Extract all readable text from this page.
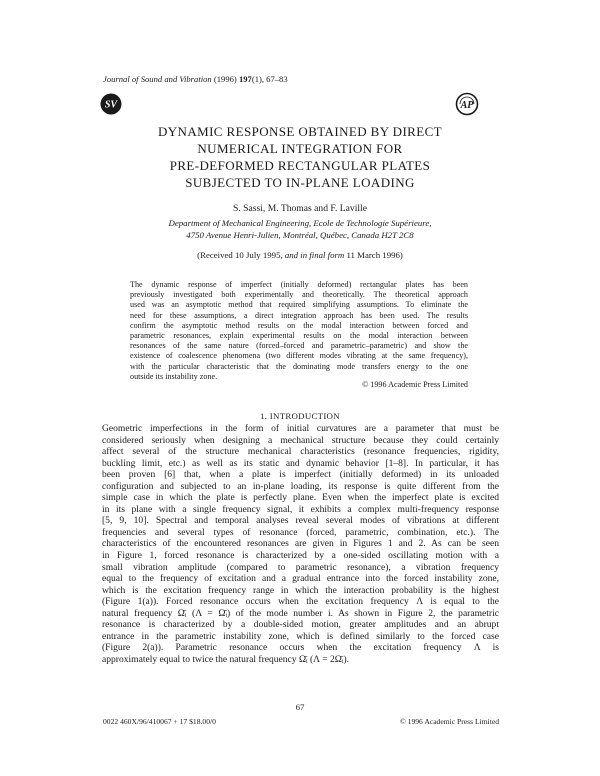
Journal of Sound and Vibration (1996) 197(1), 67–83
SV	AP
DYNAMIC RESPONSE OBTAINED BY DIRECT
NUMERICAL INTEGRATION FOR
PRE-DEFORMED RECTANGULAR PLATES
SUBJECTED TO IN-PLANE LOADING
S. Sassi, M. Thomas and F. Laville
Department of Mechanical Engineering, Ecole de Technologie Supérieure,
4750 Avenue Henri-Julien, Montréal, Québec, Canada H2T 2C8
(Received 10 July 1995, and in final form 11 March 1996)
The dynamic response of imperfect (initially deformed) rectangular plates has been
previously investigated both experimentally and theoretically. The theoretical approach
used was an asymptotic method that required simplifying assumptions. To eliminate the
need for these assumptions, a direct integration approach has been used. The results
confirm the asymptotic method results on the modal interaction between forced and
parametric resonances, explain experimental results on the modal interaction between
resonances of the same nature (forced–forced and parametric–parametric) and show the
existence of coalescence phenomena (two different modes vibrating at the same frequency),
with the particular characteristic that the dominating mode transfers energy to the one
outside its instability zone.
© 1996 Academic Press Limited
1. INTRODUCTION
Geometric imperfections in the form of initial curvatures are a parameter that must be
considered seriously when designing a mechanical structure because they could certainly
affect several of the structure mechanical characteristics (resonance frequencies, rigidity,
buckling limit, etc.) as well as its static and dynamic behavior [1–8]. In particular, it has
been proven [6] that, when a plate is imperfect (initially deformed) in its unloaded
configuration and subjected to an in-plane loading, its response is quite different from the
simple case in which the plate is perfectly plane. Even when the imperfect plate is excited
in its plane with a single frequency signal, it exhibits a complex multi-frequency response
[5, 9, 10]. Spectral and temporal analyses reveal several modes of vibrations at different
frequencies and several types of resonance (forced, parametric, combination, etc.). The
characteristics of the encountered resonances are given in Figures 1 and 2. As can be seen
in Figure 1, forced resonance is characterized by a one-sided oscillating motion with a
small vibration amplitude (compared to parametric resonance), a vibration frequency
equal to the frequency of excitation and a gradual entrance into the forced instability zone,
which is the excitation frequency range in which the interaction probability is the highest
(Figure 1(a)). Forced resonance occurs when the excitation frequency Λ is equal to the
natural frequency Ω̄ᵢ (Λ = Ω̄ᵢ) of the mode number i. As shown in Figure 2, the parametric
resonance is characterized by a double-sided motion, greater amplitudes and an abrupt
entrance in the parametric instability zone, which is defined similarly to the forced case
(Figure 2(a)). Parametric resonance occurs when the excitation frequency Λ is
approximately equal to twice the natural frequency Ω̄ᵢ (Λ = 2Ω̄ᵢ).
67
0022 460X/96/410067 + 17 $18.00/0	© 1996 Academic Press Limited
